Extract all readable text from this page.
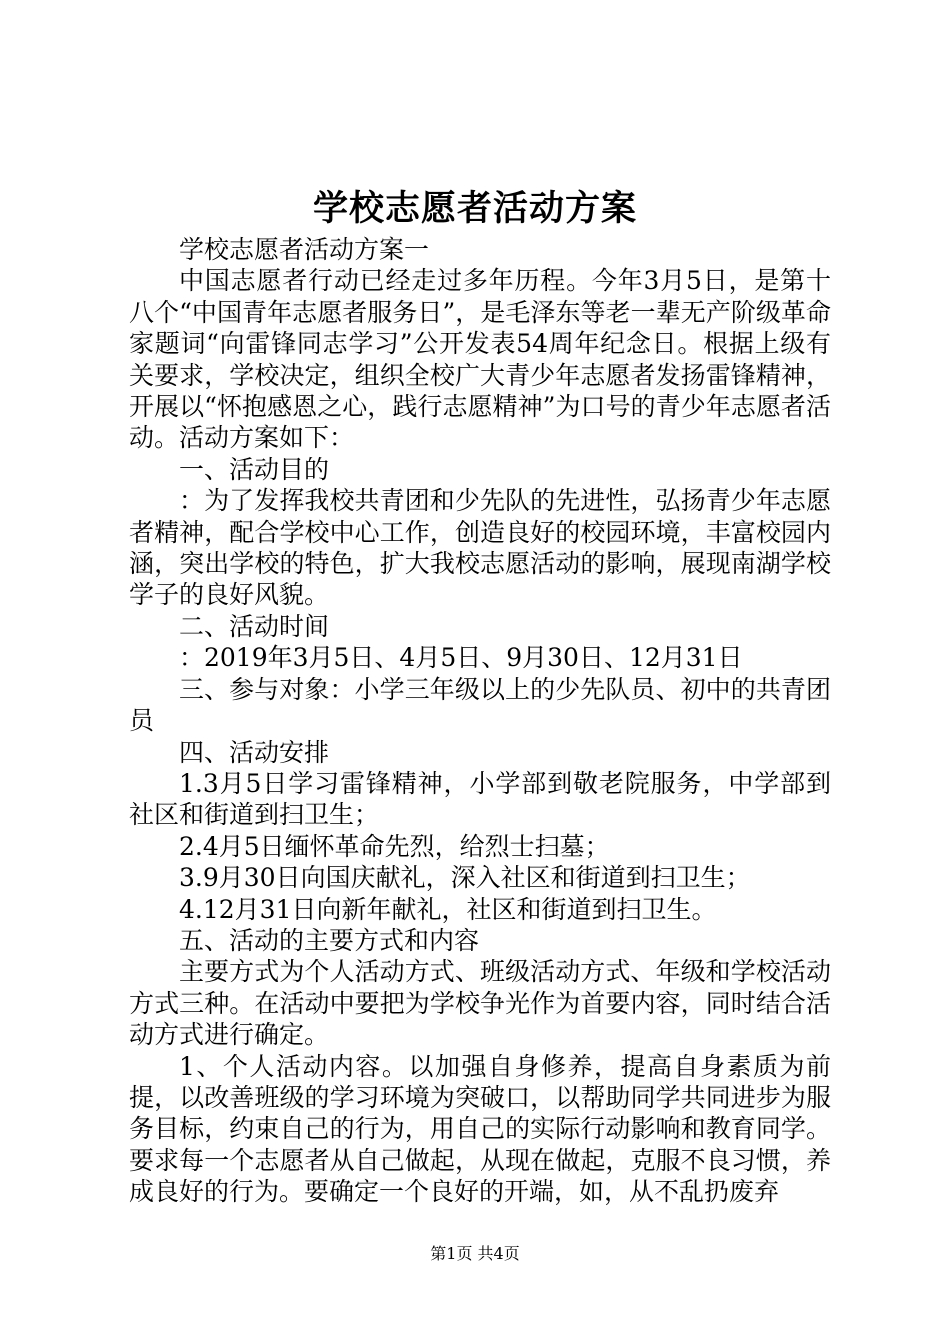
学校志愿者活动方案

学校志愿者活动方案一

中国志愿者行动已经走过多年历程。今年3月5日，是第十八个“中国青年志愿者服务日”，是毛泽东等老一辈无产阶级革命家题词“向雷锋同志学习”公开发表54周年纪念日。根据上级有关要求，学校决定，组织全校广大青少年志愿者发扬雷锋精神，开展以“怀抱感恩之心，践行志愿精神”为口号的青少年志愿者活动。活动方案如下：

一、活动目的

：为了发挥我校共青团和少先队的先进性，弘扬青少年志愿者精神，配合学校中心工作，创造良好的校园环境，丰富校园内涵，突出学校的特色，扩大我校志愿活动的影响，展现南湖学校学子的良好风貌。

二、活动时间

：2019年3月5日、4月5日、9月30日、12月31日

三、参与对象：小学三年级以上的少先队员、初中的共青团员

四、活动安排

1.3月5日学习雷锋精神，小学部到敬老院服务，中学部到社区和街道到扫卫生；

2.4月5日缅怀革命先烈，给烈士扫墓；

3.9月30日向国庆献礼，深入社区和街道到扫卫生；

4.12月31日向新年献礼，社区和街道到扫卫生。

五、活动的主要方式和内容

主要方式为个人活动方式、班级活动方式、年级和学校活动方式三种。在活动中要把为学校争光作为首要内容，同时结合活动方式进行确定。

1、个人活动内容。以加强自身修养，提高自身素质为前提，以改善班级的学习环境为突破口，以帮助同学共同进步为服务目标，约束自己的行为，用自己的实际行动影响和教育同学。要求每一个志愿者从自己做起，从现在做起，克服不良习惯，养成良好的行为。要确定一个良好的开端，如，从不乱扔废弃

第1页 共4页
